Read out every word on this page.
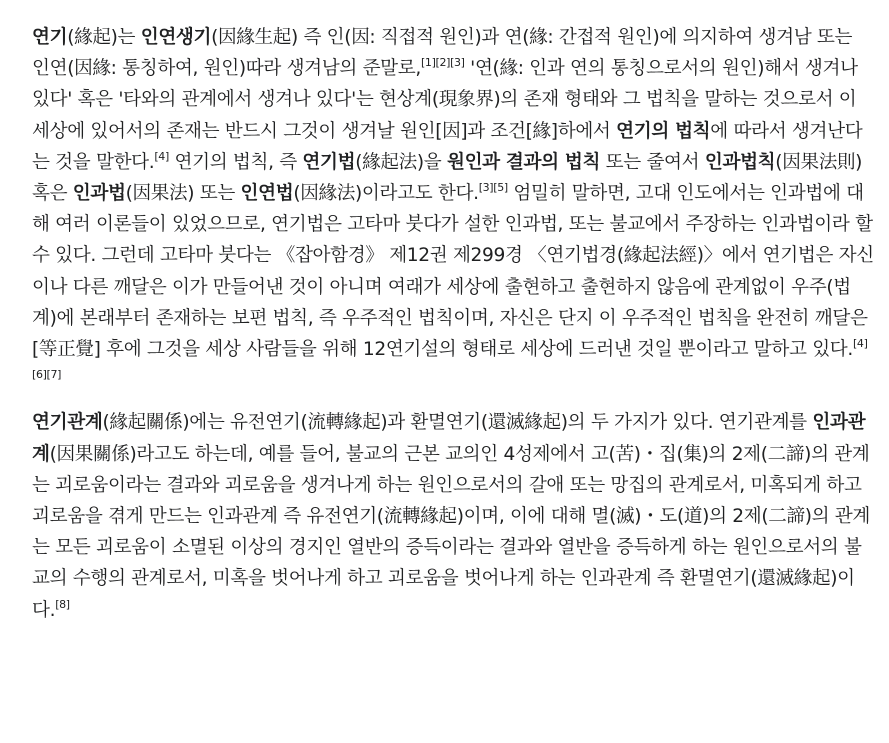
연기(緣起)는 인연생기(因緣生起) 즉 인(因: 직접적 원인)과 연(緣: 간접적 원인)에 의지하여 생겨남 또는 인연(因緣: 통칭하여, 원인)따라 생겨남의 준말로,[1][2][3] '연(緣: 인과 연의 통칭으로서의 원인)해서 생겨나 있다' 혹은 '타와의 관계에서 생겨나 있다'는 현상계(現象界)의 존재 형태와 그 법칙을 말하는 것으로서 이 세상에 있어서의 존재는 반드시 그것이 생겨날 원인[因]과 조건[緣]하에서 연기의 법칙에 따라서 생겨난다는 것을 말한다.[4] 연기의 법칙, 즉 연기법(緣起法)을 원인과 결과의 법칙 또는 줄여서 인과법칙(因果法則) 혹은 인과법(因果法) 또는 인연법(因緣法)이라고도 한다.[3][5] 엄밀히 말하면, 고대 인도에서는 인과법에 대해 여러 이론들이 있었으므로, 연기법은 고타마 붓다가 설한 인과법, 또는 불교에서 주장하는 인과법이라 할 수 있다. 그런데 고타마 붓다는 《잡아함경》 제12권 제299경 〈연기법경(緣起法經)〉에서 연기법은 자신이나 다른 깨달은 이가 만들어낸 것이 아니며 여래가 세상에 출현하고 출현하지 않음에 관계없이 우주(법계)에 본래부터 존재하는 보편 법칙, 즉 우주적인 법칙이며, 자신은 단지 이 우주적인 법칙을 완전히 깨달은[等正覺] 후에 그것을 세상 사람들을 위해 12연기설의 형태로 세상에 드러낸 것일 뿐이라고 말하고 있다.[4][6][7]

연기관계(緣起關係)에는 유전연기(流轉緣起)과 환멸연기(還滅緣起)의 두 가지가 있다. 연기관계를 인과관계(因果關係)라고도 하는데, 예를 들어, 불교의 근본 교의인 4성제에서 고(苦)・집(集)의 2제(二諦)의 관계는 괴로움이라는 결과와 괴로움을 생겨나게 하는 원인으로서의 갈애 또는 망집의 관계로서, 미혹되게 하고 괴로움을 겪게 만드는 인과관계 즉 유전연기(流轉緣起)이며, 이에 대해 멸(滅)・도(道)의 2제(二諦)의 관계는 모든 괴로움이 소멸된 이상의 경지인 열반의 증득이라는 결과와 열반을 증득하게 하는 원인으로서의 불교의 수행의 관계로서, 미혹을 벗어나게 하고 괴로움을 벗어나게 하는 인과관계 즉 환멸연기(還滅緣起)이다.[8]
